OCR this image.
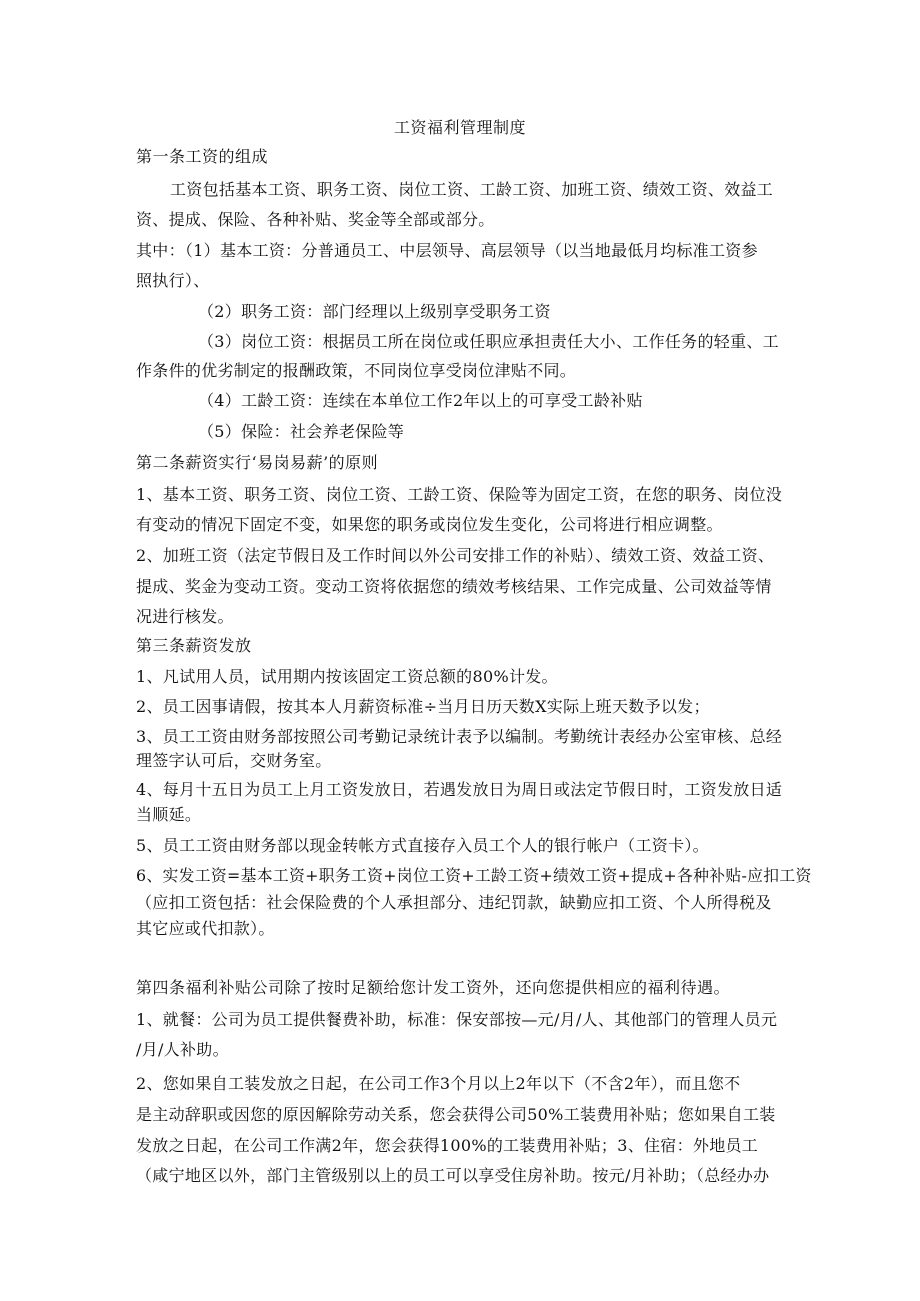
工资福利管理制度
第一条工资的组成
工资包括基本工资、职务工资、岗位工资、工龄工资、加班工资、绩效工资、效益工
资、提成、保险、各种补贴、奖金等全部或部分。
其中：（1）基本工资：分普通员工、中层领导、高层领导（以当地最低月均标准工资参
照执行）、
（2）职务工资：部门经理以上级别享受职务工资
（3）岗位工资：根据员工所在岗位或任职应承担责任大小、工作任务的轻重、工
作条件的优劣制定的报酬政策，不同岗位享受岗位津贴不同。
（4）工龄工资：连续在本单位工作2年以上的可享受工龄补贴
（5）保险：社会养老保险等
第二条薪资实行‘易岗易薪’的原则
1、基本工资、职务工资、岗位工资、工龄工资、保险等为固定工资，在您的职务、岗位没
有变动的情况下固定不变，如果您的职务或岗位发生变化，公司将进行相应调整。
2、加班工资（法定节假日及工作时间以外公司安排工作的补贴）、绩效工资、效益工资、
提成、奖金为变动工资。变动工资将依据您的绩效考核结果、工作完成量、公司效益等情
况进行核发。
第三条薪资发放
1、凡试用人员，试用期内按该固定工资总额的80%计发。
2、员工因事请假，按其本人月薪资标准÷当月日历天数X实际上班天数予以发；
3、员工工资由财务部按照公司考勤记录统计表予以编制。考勤统计表经办公室审核、总经
理签字认可后，交财务室。
4、每月十五日为员工上月工资发放日，若遇发放日为周日或法定节假日时，工资发放日适
当顺延。
5、员工工资由财务部以现金转帐方式直接存入员工个人的银行帐户（工资卡）。
6、实发工资=基本工资+职务工资+岗位工资+工龄工资+绩效工资+提成+各种补贴-应扣工资
（应扣工资包括：社会保险费的个人承担部分、违纪罚款，缺勤应扣工资、个人所得税及
其它应或代扣款）。
第四条福利补贴公司除了按时足额给您计发工资外，还向您提供相应的福利待遇。
1、就餐：公司为员工提供餐费补助，标准：保安部按—元/月/人、其他部门的管理人员元
/月/人补助。
2、您如果自工装发放之日起，在公司工作3个月以上2年以下（不含2年），而且您不
是主动辞职或因您的原因解除劳动关系，您会获得公司50%工装费用补贴；您如果自工装
发放之日起，在公司工作满2年，您会获得100%的工装费用补贴；3、住宿：外地员工
（咸宁地区以外，部门主管级别以上的员工可以享受住房补助。按元/月补助；（总经办办
